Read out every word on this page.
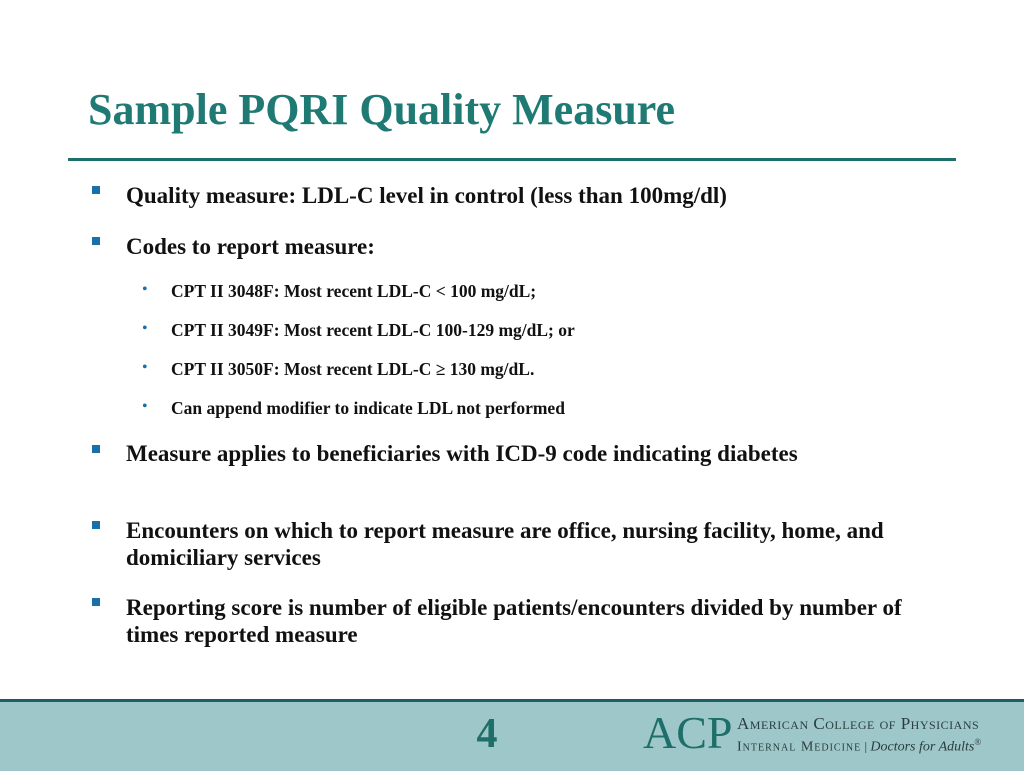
Sample PQRI Quality Measure
Quality measure: LDL-C level in control (less than 100mg/dl)
Codes to report measure:
• CPT II 3048F: Most recent LDL-C < 100 mg/dL;
• CPT II 3049F: Most recent LDL-C 100-129 mg/dL; or
• CPT II 3050F: Most recent LDL-C ≥ 130 mg/dL.
• Can append modifier to indicate LDL not performed
Measure applies to beneficiaries with ICD-9 code indicating diabetes
Encounters on which to report measure are office, nursing facility, home, and domiciliary services
Reporting score is number of eligible patients/encounters divided by number of times reported measure
4	ACP American College of Physicians
Internal Medicine | Doctors for Adults®
